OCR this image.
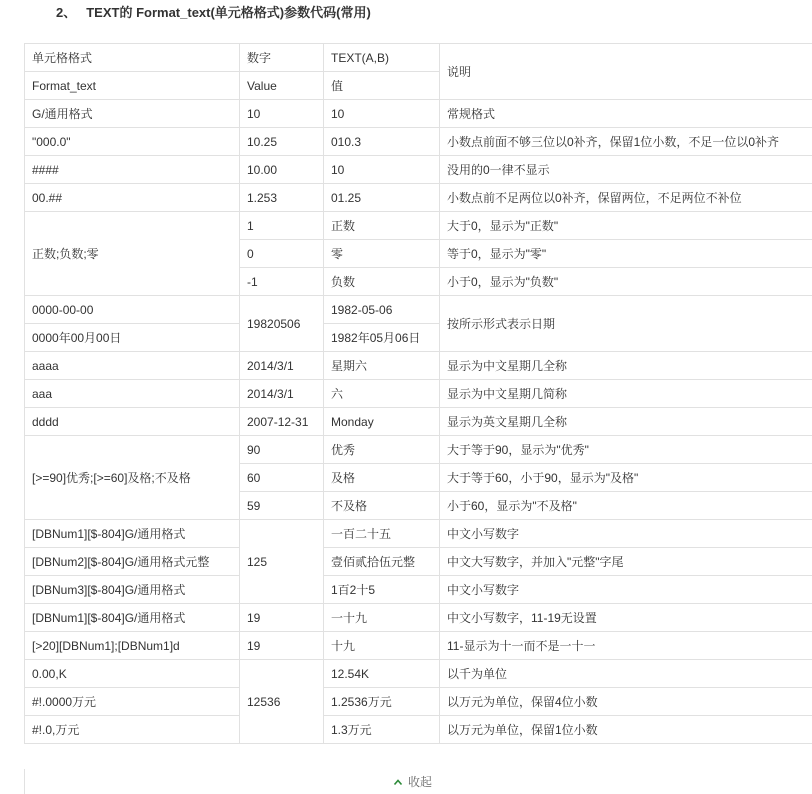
2、 TEXT的 Format_text(单元格格式)参数代码(常用)
单元格格式	数字	TEXT(A,B)	说明
Format_text	Value	值	
G/通用格式	10	10	常规格式
"000.0"	10.25	010.3	小数点前面不够三位以0补齐，保留1位小数，不足一位以0补齐
####	10.00	10	没用的0一律不显示
00.##	1.253	01.25	小数点前不足两位以0补齐，保留两位，不足两位不补位
正数;负数;零	1	正数	大于0，显示为"正数"
	0	零	等于0，显示为"零"
	-1	负数	小于0，显示为"负数"
0000-00-00	19820506	1982-05-06	按所示形式表示日期
0000年00月00日		1982年05月06日	
aaaa	2014/3/1	星期六	显示为中文星期几全称
aaa	2014/3/1	六	显示为中文星期几简称
dddd	2007-12-31	Monday	显示为英文星期几全称
[>=90]优秀;[>=60]及格;不及格	90	优秀	大于等于90，显示为"优秀"
	60	及格	大于等于60，小于90，显示为"及格"
	59	不及格	小于60，显示为"不及格"
[DBNum1][$-804]G/通用格式	125	一百二十五	中文小写数字
[DBNum2][$-804]G/通用格式元整		壹佰贰拾伍元整	中文大写数字，并加入"元整"字尾
[DBNum3][$-804]G/通用格式		1百2十5	中文小写数字
[DBNum1][$-804]G/通用格式	19	一十九	中文小写数字，11-19无设置
[>20][DBNum1];[DBNum1]d	19	十九	11-显示为十一而不是一十一
0.00,K	12536	12.54K	以千为单位
#!.0000万元		1.2536万元	以万元为单位，保留4位小数
#!.0,万元		1.3万元	以万元为单位，保留1位小数
收起
